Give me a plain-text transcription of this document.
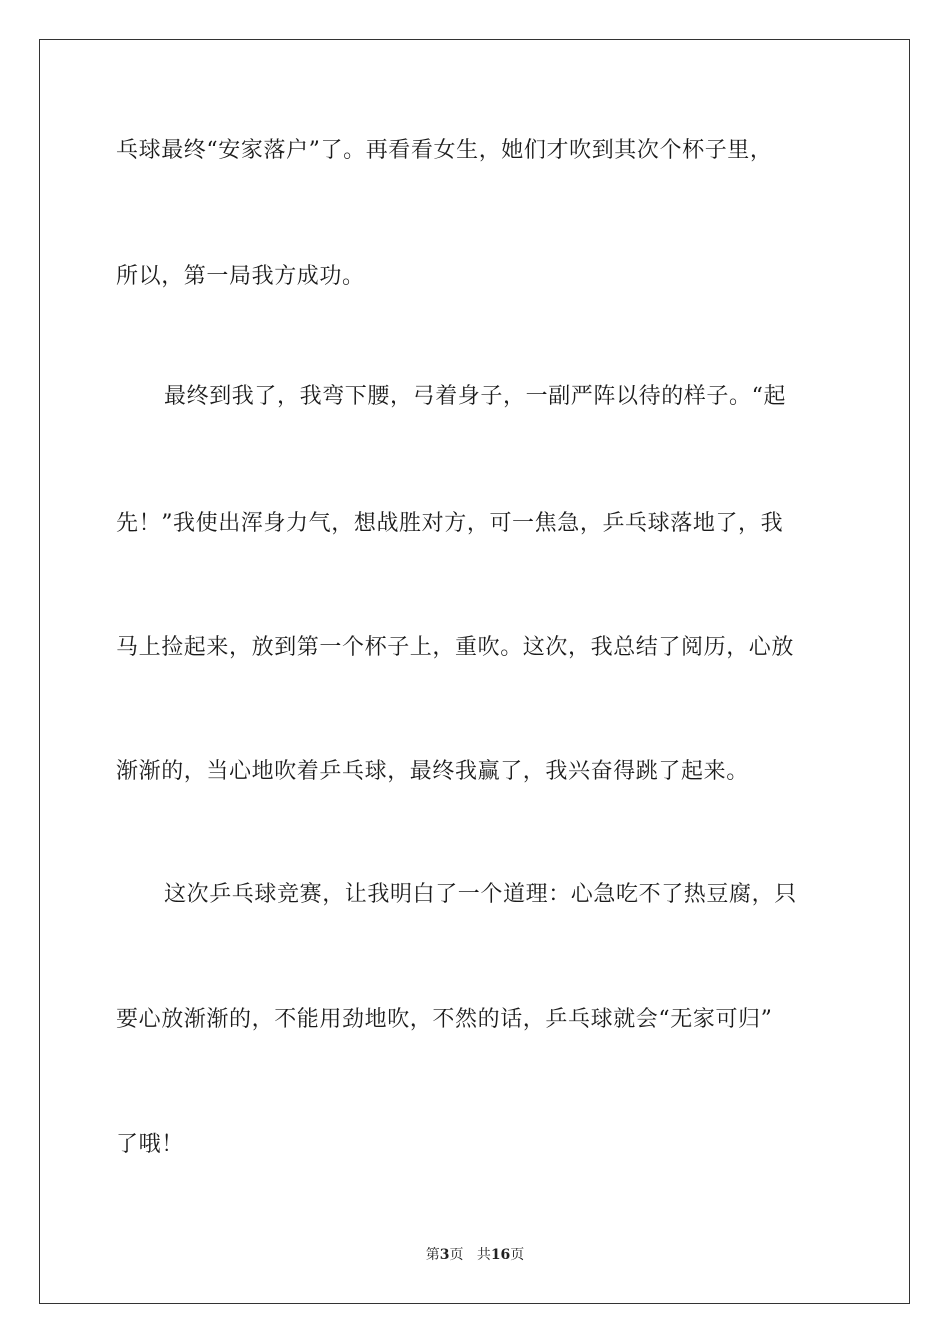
乓球最终“安家落户”了。再看看女生，她们才吹到其次个杯子里，
所以，第一局我方成功。
最终到我了，我弯下腰，弓着身子，一副严阵以待的样子。“起
先！”我使出浑身力气，想战胜对方，可一焦急，乒乓球落地了，我
马上捡起来，放到第一个杯子上，重吹。这次，我总结了阅历，心放
渐渐的，当心地吹着乒乓球，最终我赢了，我兴奋得跳了起来。
这次乒乓球竞赛，让我明白了一个道理：心急吃不了热豆腐，只
要心放渐渐的，不能用劲地吹，不然的话，乒乓球就会“无家可归”
了哦！
第3页 共16页
